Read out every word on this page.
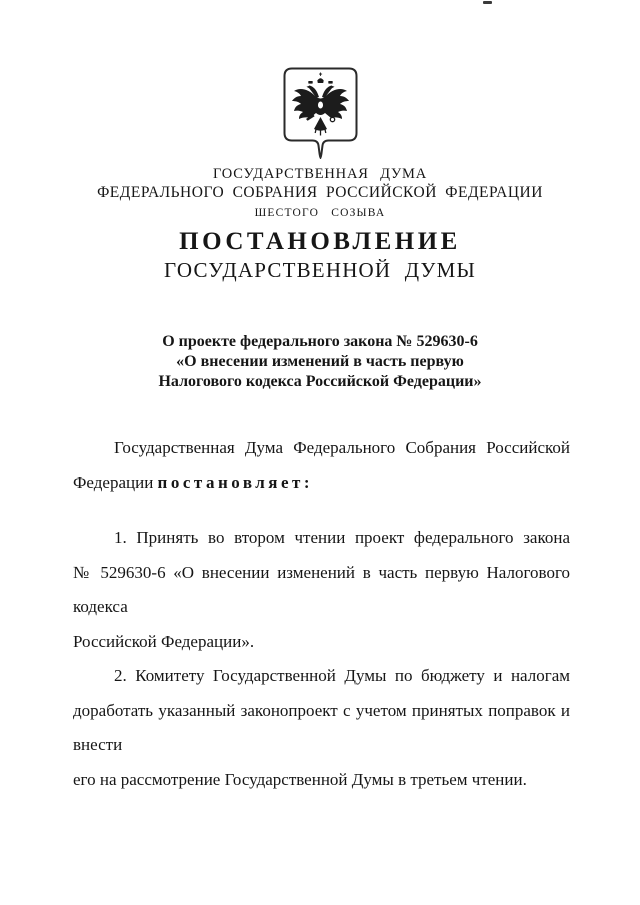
ГОСУДАРСТВЕННАЯ ДУМА
ФЕДЕРАЛЬНОГО СОБРАНИЯ РОССИЙСКОЙ ФЕДЕРАЦИИ
ШЕСТОГО СОЗЫВА
ПОСТАНОВЛЕНИЕ
ГОСУДАРСТВЕННОЙ ДУМЫ
О проекте федерального закона № 529630-6
«О внесении изменений в часть первую
Налогового кодекса Российской Федерации»
Государственная Дума Федерального Собрания Российской
Федерации постановляет:
1. Принять во втором чтении проект федерального закона
№ 529630-6 «О внесении изменений в часть первую Налогового кодекса
Российской Федерации».
2. Комитету Государственной Думы по бюджету и налогам
доработать указанный законопроект с учетом принятых поправок и внести
его на рассмотрение Государственной Думы в третьем чтении.
